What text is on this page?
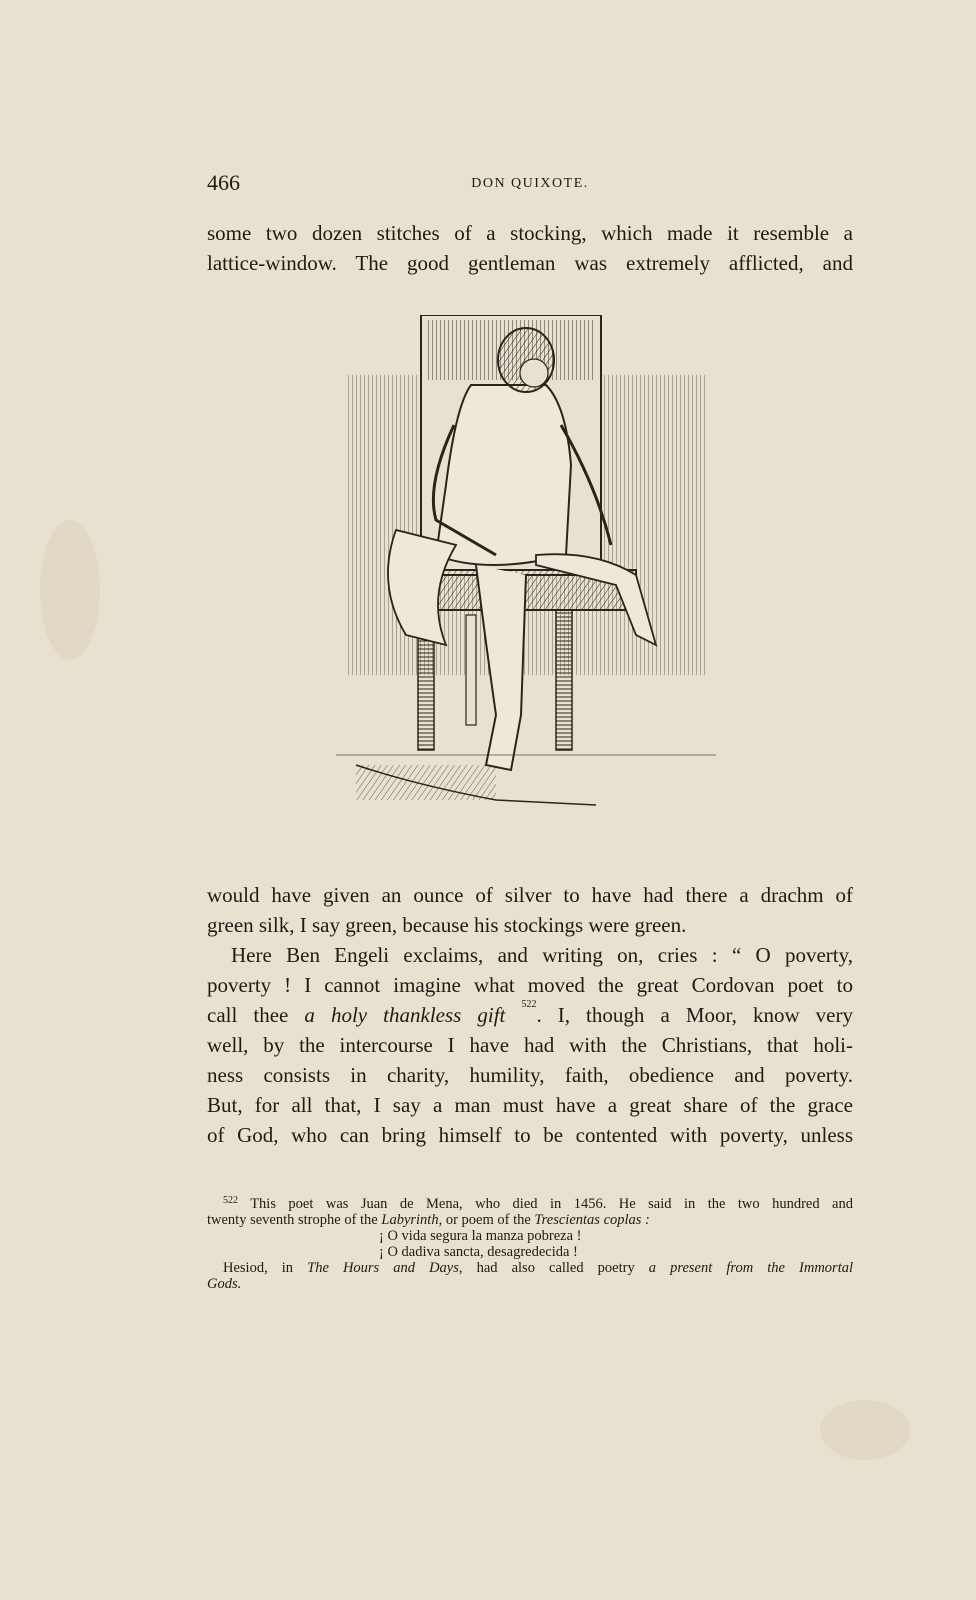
466	DON QUIXOTE.

some two dozen stitches of a stocking, which made it resemble a
lattice-window. The good gentleman was extremely afflicted, and

would have given an ounce of silver to have had there a drachm of
green silk, I say green, because his stockings were green.
Here Ben Engeli exclaims, and writing on, cries : “ O poverty,
poverty ! I cannot imagine what moved the great Cordovan poet to
call thee a holy thankless gift $^{522}$. I, though a Moor, know very
well, by the intercourse I have had with the Christians, that holi-
ness consists in charity, humility, faith, obedience and poverty.
But, for all that, I say a man must have a great share of the grace
of God, who can bring himself to be contented with poverty, unless
$^{522}$ This poet was Juan de Mena, who died in 1456. He said in the two hundred and
twenty seventh strophe of the Labyrinth, or poem of the Trescientas coplas :
¡ O vida segura la manza pobreza !
¡ O dadiva sancta, desagredecida !
Hesiod, in The Hours and Days, had also called poetry a present from the Immortal
Gods.
